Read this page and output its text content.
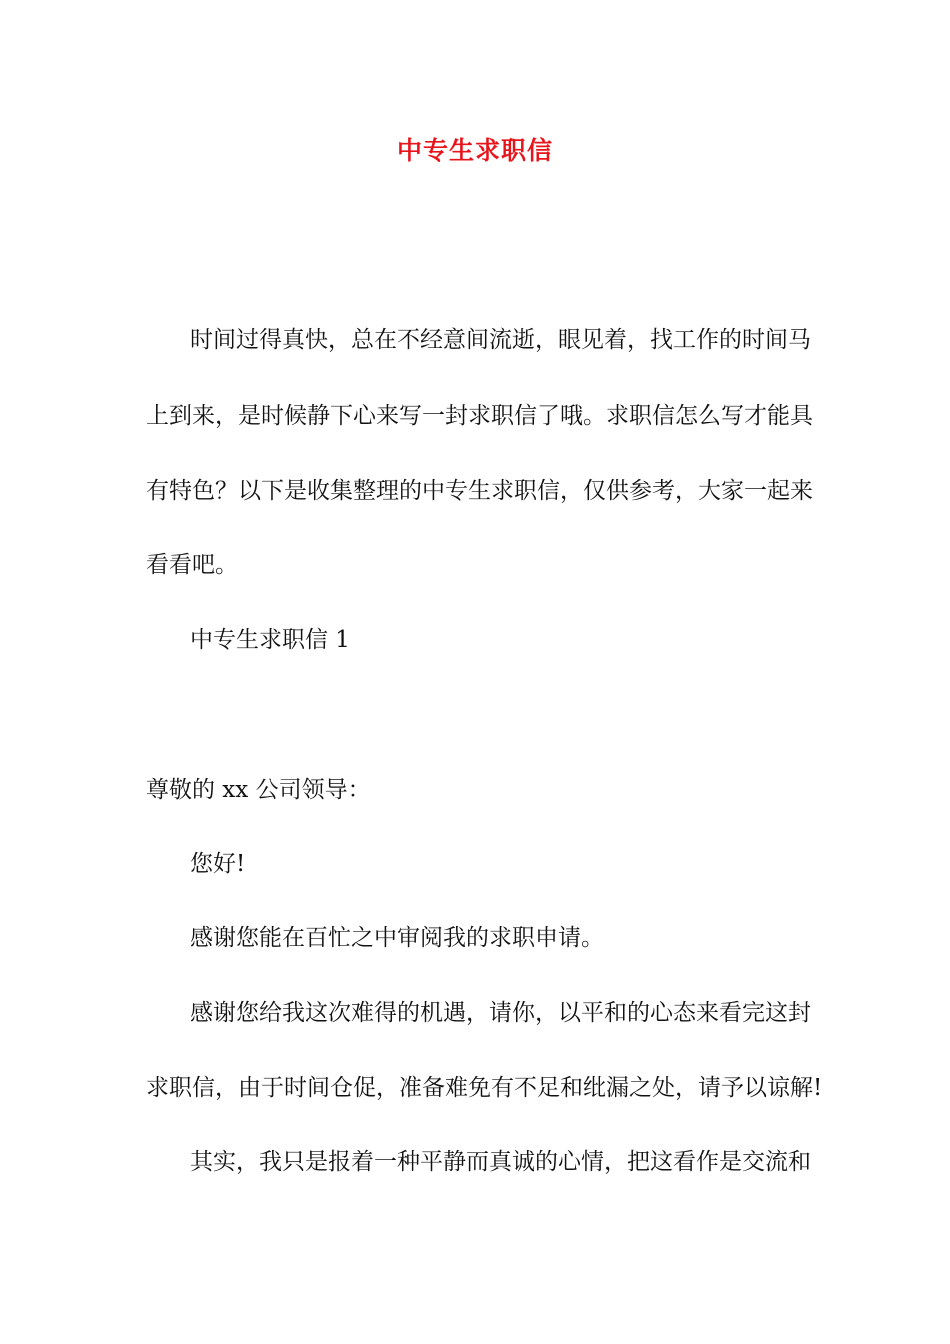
中专生求职信
时间过得真快，总在不经意间流逝，眼见着，找工作的时间马
上到来，是时候静下心来写一封求职信了哦。求职信怎么写才能具
有特色？以下是收集整理的中专生求职信，仅供参考，大家一起来
看看吧。
中专生求职信 1
尊敬的 xx 公司领导：
您好!
感谢您能在百忙之中审阅我的求职申请。
感谢您给我这次难得的机遇，请你，以平和的心态来看完这封
求职信，由于时间仓促，准备难免有不足和纰漏之处，请予以谅解!
其实，我只是报着一种平静而真诚的心情，把这看作是交流和
